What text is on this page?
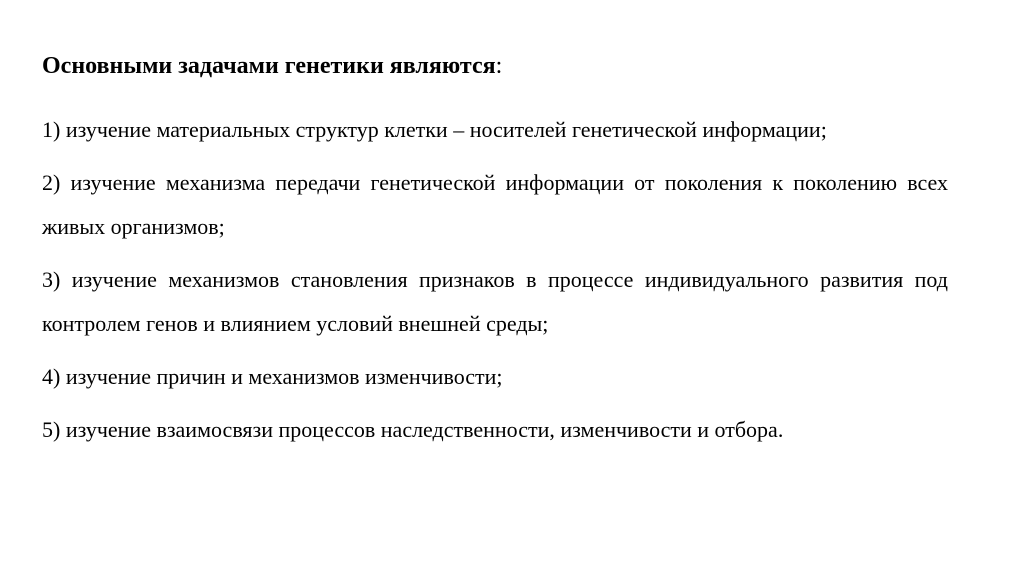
Основными задачами генетики являются:
1) изучение материальных структур клетки – носителей генетической информации;
2) изучение механизма передачи генетической информации от поколения к поколению всех живых организмов;
3) изучение механизмов становления признаков в процессе индивидуального развития под контролем генов и влиянием условий внешней среды;
4) изучение причин и механизмов изменчивости;
5) изучение взаимосвязи процессов наследственности, изменчивости и отбора.
